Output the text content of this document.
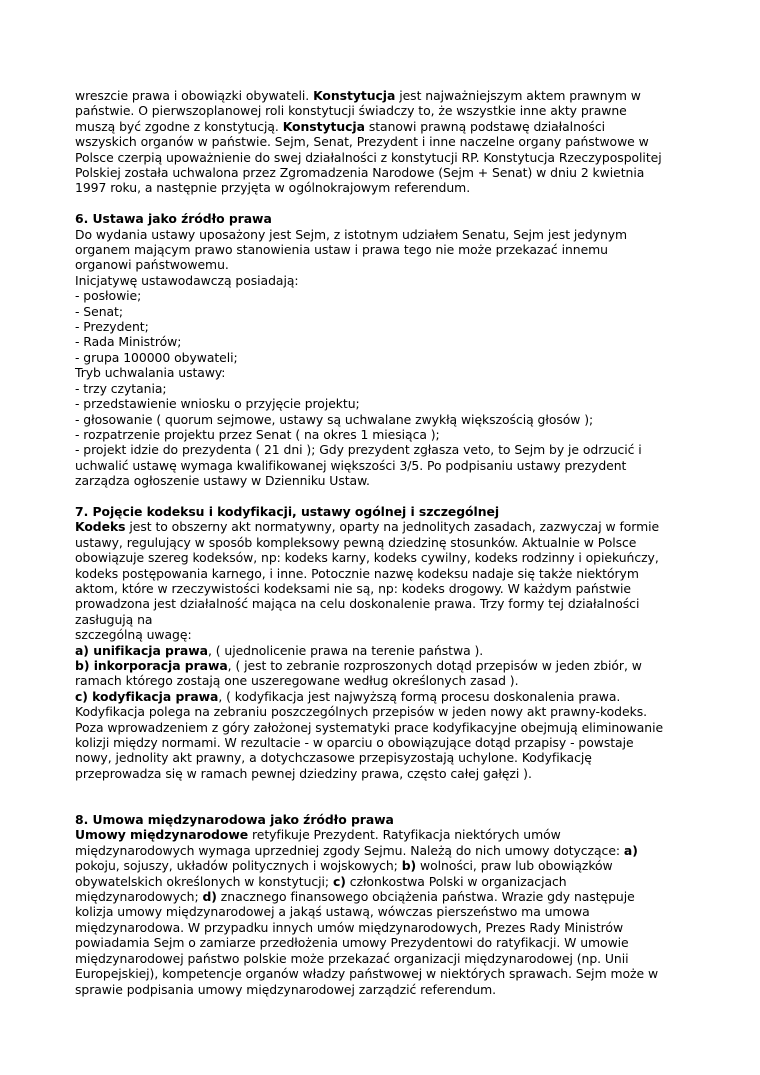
wreszcie prawa i obowiązki obywateli. Konstytucja jest najważniejszym aktem prawnym w
państwie. O pierwszoplanowej roli konstytucji świadczy to, że wszystkie inne akty prawne
muszą być zgodne z konstytucją. Konstytucja stanowi prawną podstawę działalności
wszyskich organów w państwie. Sejm, Senat, Prezydent i inne naczelne organy państwowe w
Polsce czerpią upoważnienie do swej działalności z konstytucji RP. Konstytucja Rzeczypospolitej
Polskiej została uchwalona przez Zgromadzenia Narodowe (Sejm + Senat) w dniu 2 kwietnia
1997 roku, a następnie przyjęta w ogólnokrajowym referendum.
6. Ustawa jako źródło prawa
Do wydania ustawy uposażony jest Sejm, z istotnym udziałem Senatu, Sejm jest jedynym
organem mającym prawo stanowienia ustaw i prawa tego nie może przekazać innemu
organowi państwowemu.
Inicjatywę ustawodawczą posiadają:
- posłowie;
- Senat;
- Prezydent;
- Rada Ministrów;
- grupa 100000 obywateli;
Tryb uchwalania ustawy:
- trzy czytania;
- przedstawienie wniosku o przyjęcie projektu;
- głosowanie ( quorum sejmowe, ustawy są uchwalane zwykłą większością głosów );
- rozpatrzenie projektu przez Senat ( na okres 1 miesiąca );
- projekt idzie do prezydenta ( 21 dni ); Gdy prezydent zgłasza veto, to Sejm by je odrzucić i
uchwalić ustawę wymaga kwalifikowanej większości 3/5. Po podpisaniu ustawy prezydent
zarządza ogłoszenie ustawy w Dzienniku Ustaw.
7. Pojęcie kodeksu i kodyfikacji, ustawy ogólnej i szczególnej
Kodeks jest to obszerny akt normatywny, oparty na jednolitych zasadach, zazwyczaj w formie
ustawy, regulujący w sposób kompleksowy pewną dziedzinę stosunków. Aktualnie w Polsce
obowiązuje szereg kodeksów, np: kodeks karny, kodeks cywilny, kodeks rodzinny i opiekuńczy,
kodeks postępowania karnego, i inne. Potocznie nazwę kodeksu nadaje się także niektórym
aktom, które w rzeczywistości kodeksami nie są, np: kodeks drogowy. W każdym państwie
prowadzona jest działalność mająca na celu doskonalenie prawa. Trzy formy tej działalności
zasługują na
szczególną uwagę:
a) unifikacja prawa, ( ujednolicenie prawa na terenie państwa ).
b) inkorporacja prawa, ( jest to zebranie rozproszonych dotąd przepisów w jeden zbiór, w
ramach którego zostają one uszeregowane według określonych zasad ).
c) kodyfikacja prawa, ( kodyfikacja jest najwyższą formą procesu doskonalenia prawa.
Kodyfikacja polega na zebraniu poszczególnych przepisów w jeden nowy akt prawny-kodeks.
Poza wprowadzeniem z góry założonej systematyki prace kodyfikacyjne obejmują eliminowanie
kolizji między normami. W rezultacie - w oparciu o obowiązujące dotąd przapisy - powstaje
nowy, jednolity akt prawny, a dotychczasowe przepisyzostają uchylone. Kodyfikację
przeprowadza się w ramach pewnej dziedziny prawa, często całej gałęzi ).
8. Umowa międzynarodowa jako źródło prawa
Umowy międzynarodowe retyfikuje Prezydent. Ratyfikacja niektórych umów
międzynarodowych wymaga uprzedniej zgody Sejmu. Należą do nich umowy dotyczące: a)
pokoju, sojuszy, układów politycznych i wojskowych; b) wolności, praw lub obowiązków
obywatelskich określonych w konstytucji; c) członkostwa Polski w organizacjach
międzynarodowych; d) znacznego finansowego obciążenia państwa. Wrazie gdy następuje
kolizja umowy międzynarodowej a jakąś ustawą, wówczas pierszeństwo ma umowa
międzynarodowa. W przypadku innych umów międzynarodowych, Prezes Rady Ministrów
powiadamia Sejm o zamiarze przedłożenia umowy Prezydentowi do ratyfikacji. W umowie
międzynarodowej państwo polskie może przekazać organizacji międzynarodowej (np. Unii
Europejskiej), kompetencje organów władzy państwowej w niektórych sprawach. Sejm może w
sprawie podpisania umowy międzynarodowej zarządzić referendum.
